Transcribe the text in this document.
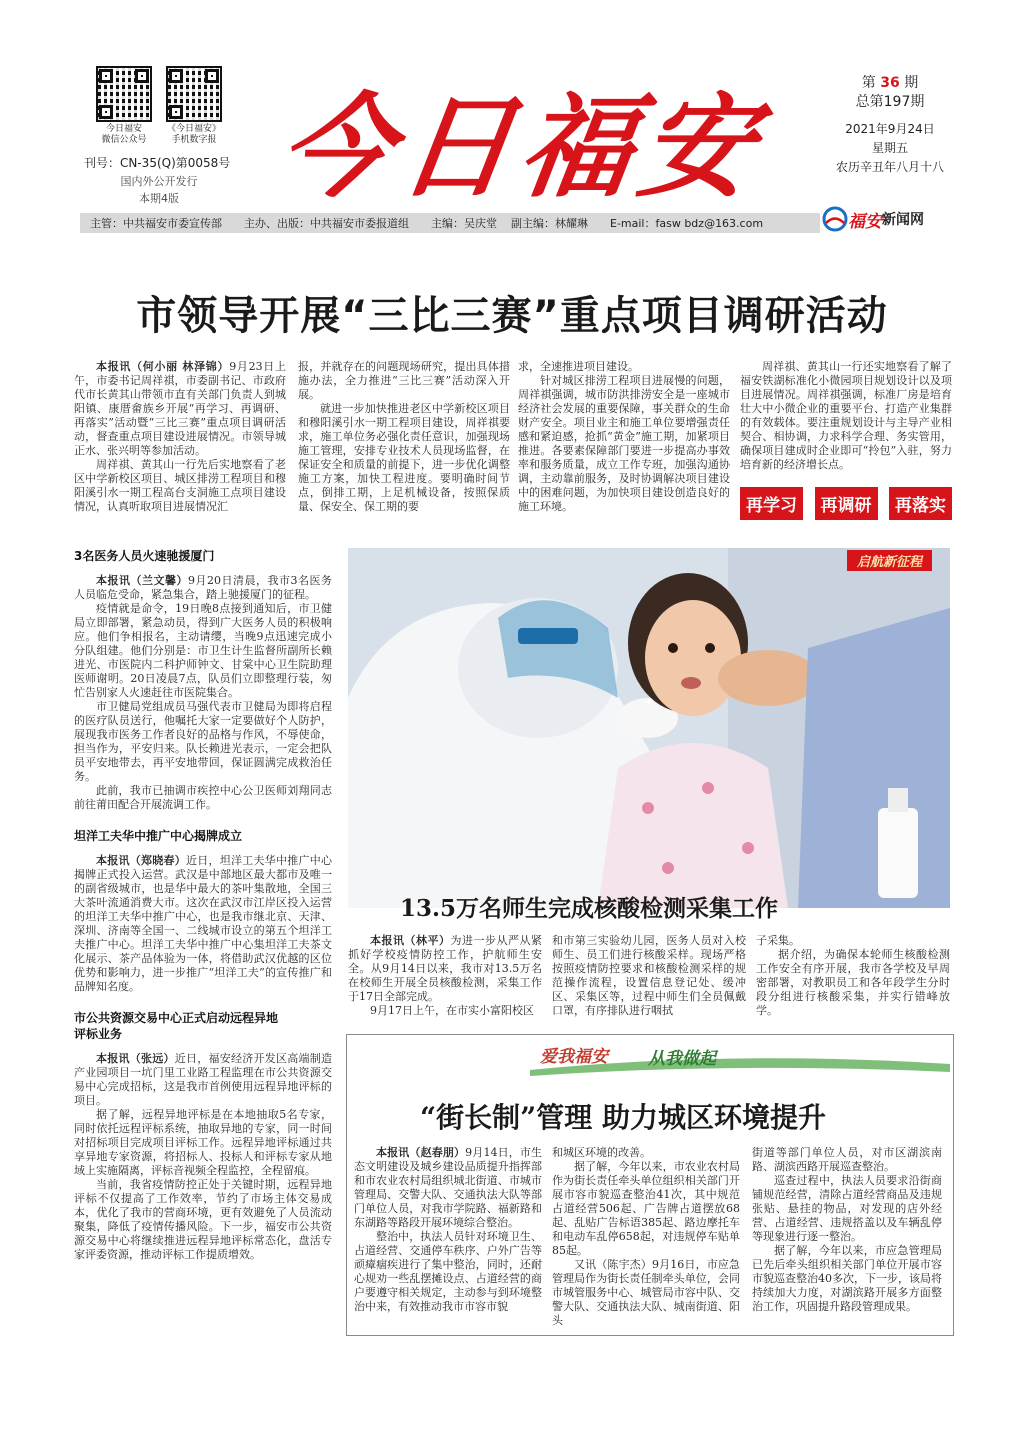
今日福安
微信公众号
《今日福安》
手机数字报
刊号：CN-35(Q)第0058号
国内外公开发行
本期4版 今日福安	第 36 期
总第197期
2021年9月24日
星期五
农历辛丑年八月十八
主管：中共福安市委宣传部	主办、出版：中共福安市委报道组	主编：吴庆堂	副主编：林耀琳	E-mail：fasw bdz@163.com	福安 新闻网
市领导开展“三比三赛”重点项目调研活动

本报讯（何小丽 林泽锦）9月23日上午，市委书记周祥祺，市委副书记、市政府代市长黄其山带领市直有关部门负责人到城阳镇、康厝畲族乡开展“再学习、再调研、再落实”活动暨“三比三赛”重点项目调研活动，督查重点项目建设进展情况。市领导城正水、张兴明等参加活动。

周祥祺、黄其山一行先后实地察看了老区中学新校区项目、城区排涝工程项目和穆阳溪引水一期工程高台支洞施工点项目建设情况，认真听取项目进展情况汇

报，并就存在的问题现场研究，提出具体措施办法，全力推进“三比三赛”活动深入开展。

就进一步加快推进老区中学新校区项目和穆阳溪引水一期工程项目建设，周祥祺要求，施工单位务必强化责任意识，加强现场施工管理，安排专业技术人员现场监督，在保证安全和质量的前提下，进一步优化调整施工方案，加快工程进度。要明确时间节点，倒排工期，上足机械设备，按照保质量、保安全、保工期的要

求，全速推进项目建设。

针对城区排涝工程项目进展慢的问题，周祥祺强调，城市防洪排涝安全是一座城市经济社会发展的重要保障，事关群众的生命财产安全。项目业主和施工单位要增强责任感和紧迫感，抢抓“黄金”施工期，加紧项目推进。各要素保障部门要进一步提高办事效率和服务质量，成立工作专班，加强沟通协调，主动靠前服务，及时协调解决项目建设中的困难问题，为加快项目建设创造良好的施工环境。

周祥祺、黄其山一行还实地察看了解了福安铁湖标准化小微园项目规划设计以及项目进展情况。周祥祺强调，标准厂房是培育壮大中小微企业的重要平台、打造产业集群的有效载体。要注重规划设计与主导产业相契合、相协调，力求科学合理、务实管用，确保项目建成时企业即可“拎包”入驻，努力培育新的经济增长点。

再学习	再调研	再落实
3名医务人员火速驰援厦门

本报讯（兰文馨）9月20日清晨，我市3名医务人员临危受命，紧急集合，踏上驰援厦门的征程。

疫情就是命令，19日晚8点接到通知后，市卫健局立即部署，紧急动员，得到广大医务人员的积极响应。他们争相报名，主动请缨，当晚9点迅速完成小分队组建。他们分别是：市卫生计生监督所副所长赖进光、市医院内二科护师钟文、甘棠中心卫生院助理医师谢明。20日凌晨7点，队员们立即整理行装，匆忙告别家人火速赶往市医院集合。

市卫健局党组成员马强代表市卫健局为即将启程的医疗队员送行，他嘱托大家一定要做好个人防护，展现我市医务工作者良好的品格与作风，不辱使命，担当作为，平安归来。队长赖进光表示，一定会把队员平安地带去，再平安地带回，保证圆满完成救治任务。

此前，我市已抽调市疾控中心公卫医师刘翔同志前往莆田配合开展流调工作。

坦洋工夫华中推广中心揭牌成立

本报讯（郑晓春）近日，坦洋工夫华中推广中心揭牌正式投入运营。武汉是中部地区最大都市及唯一的副省级城市，也是华中最大的茶叶集散地，全国三大茶叶流通消费大市。这次在武汉市江岸区投入运营的坦洋工夫华中推广中心，也是我市继北京、天津、深圳、济南等全国一、二线城市设立的第五个坦洋工夫推广中心。坦洋工夫华中推广中心集坦洋工夫茶文化展示、茶产品体验为一体，将借助武汉优越的区位优势和影响力，进一步推广“坦洋工夫”的宣传推广和品牌知名度。

市公共资源交易中心正式启动远程异地评标业务

本报讯（张远）近日，福安经济开发区高端制造产业园项目一坑门里工业路工程监理在市公共资源交易中心完成招标，这是我市首例使用远程异地评标的项目。

据了解，远程异地评标是在本地抽取5名专家，同时依托远程评标系统，抽取异地的专家，同一时间对招标项目完成项目评标工作。远程异地评标通过共享异地专家资源，将招标人、投标人和评标专家从地域上实施隔离，评标音视频全程监控，全程留痕。

当前，我省疫情防控正处于关键时期，远程异地评标不仅提高了工作效率，节约了市场主体交易成本，优化了我市的营商环境，更有效避免了人员流动聚集，降低了疫情传播风险。下一步，福安市公共资源交易中心将继续推进远程异地评标常态化，盘活专家评委资源，推动评标工作提质增效。

启航新征程
13.5万名师生完成核酸检测采集工作

本报讯（林平）为进一步从严从紧抓好学校疫情防控工作，护航师生安全。从9月14日以来，我市对13.5万名在校师生开展全员核酸检测，采集工作于17日全部完成。

9月17日上午，在市实小富阳校区

和市第三实验幼儿园，医务人员对入校师生、员工们进行核酸采样。现场严格按照疫情防控要求和核酸检测采样的规范操作流程，设置信息登记处、缓冲区、采集区等，过程中师生们全员佩戴口罩，有序排队进行咽拭

子采集。

据介绍，为确保本轮师生核酸检测工作安全有序开展，我市各学校及早周密部署，对教职员工和各年段学生分时段分组进行核酸采集，并实行错峰放学。

爱我福安 从我做起
“街长制”管理 助力城区环境提升

本报讯（赵春朋）9月14日，市生态文明建设及城乡建设品质提升指挥部和市农业农村局组织城北街道、市城市管理局、交警大队、交通执法大队等部门单位人员，对我市学院路、福新路和东湖路等路段开展环境综合整治。

整治中，执法人员针对环境卫生、占道经营、交通停车秩序、户外广告等顽瘴痼疾进行了集中整治，同时，还耐心规劝一些乱摆摊设点、占道经营的商户要遵守相关规定，主动参与到环境整治中来，有效推动我市市容市貌

和城区环境的改善。

据了解，今年以来，市农业农村局作为街长责任牵头单位组织相关部门开展市容市貌巡查整治41次，其中规范占道经营506起、广告牌占道摆放68起、乱贴广告标语385起、路边摩托车和电动车乱停658起，对违规停车贴单85起。

又讯（陈宇杰）9月16日，市应急管理局作为街长责任制牵头单位，会同市城管服务中心、城管局市容中队、交警大队、交通执法大队、城南街道、阳头

街道等部门单位人员，对市区湖滨南路、湖滨西路开展巡查整治。

巡查过程中，执法人员要求沿街商铺规范经营，清除占道经营商品及违规张贴、悬挂的物品，对发现的店外经营、占道经营、违规搭盖以及车辆乱停等现象进行逐一整治。

据了解，今年以来，市应急管理局已先后牵头组织相关部门单位开展市容市貌巡查整治40多次，下一步，该局将持续加大力度，对湖滨路开展多方面整治工作，巩固提升路段管理成果。
